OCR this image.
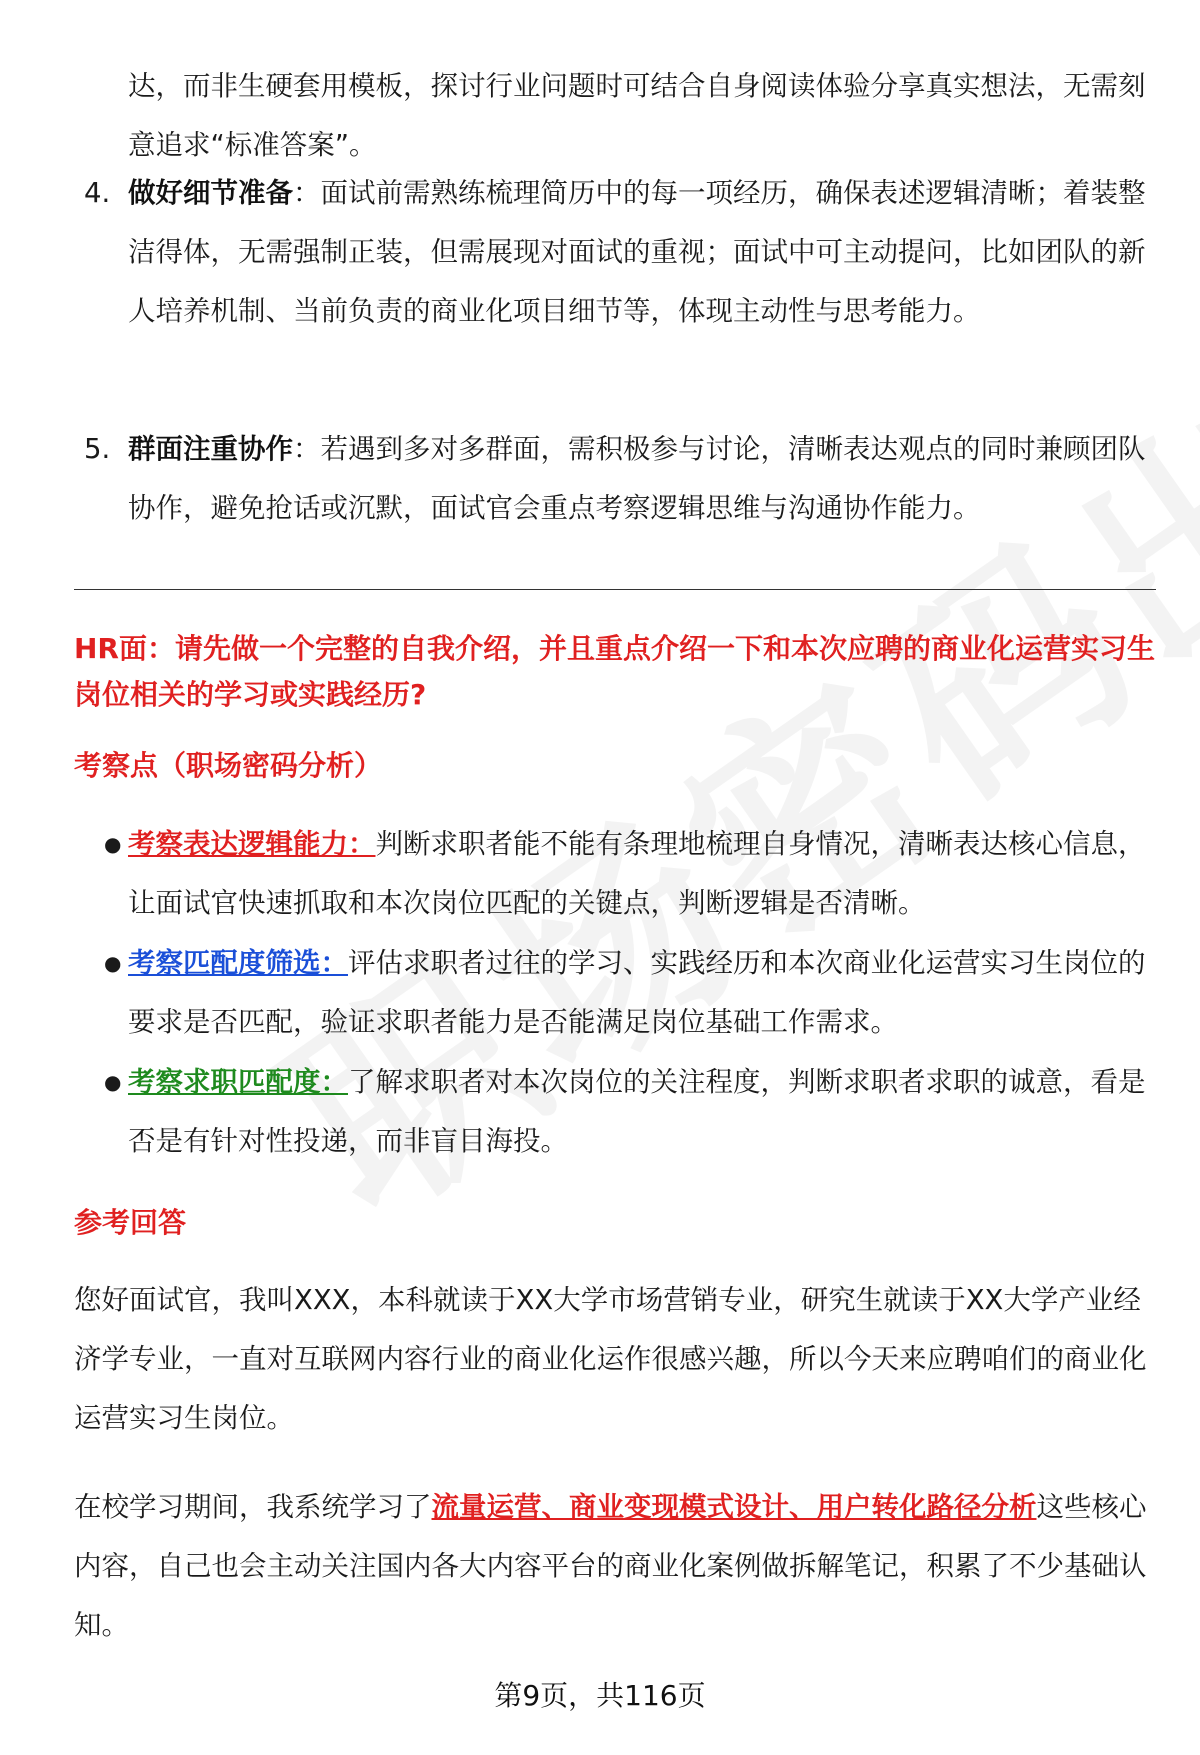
达，而非生硬套用模板，探讨行业问题时可结合自身阅读体验分享真实想法，无需刻意追求“标准答案”。
4. 做好细节准备：面试前需熟练梳理简历中的每一项经历，确保表述逻辑清晰；着装整洁得体，无需强制正装，但需展现对面试的重视；面试中可主动提问，比如团队的新人培养机制、当前负责的商业化项目细节等，体现主动性与思考能力。
5. 群面注重协作：若遇到多对多群面，需积极参与讨论，清晰表达观点的同时兼顾团队协作，避免抢话或沉默，面试官会重点考察逻辑思维与沟通协作能力。
HR面：请先做一个完整的自我介绍，并且重点介绍一下和本次应聘的商业化运营实习生岗位相关的学习或实践经历?
考察点（职场密码分析）
● 考察表达逻辑能力：判断求职者能不能有条理地梳理自身情况，清晰表达核心信息，让面试官快速抓取和本次岗位匹配的关键点，判断逻辑是否清晰。
● 考察匹配度筛选：评估求职者过往的学习、实践经历和本次商业化运营实习生岗位的要求是否匹配，验证求职者能力是否能满足岗位基础工作需求。
● 考察求职匹配度：了解求职者对本次岗位的关注程度，判断求职者求职的诚意，看是否是有针对性投递，而非盲目海投。
参考回答
您好面试官，我叫XXX，本科就读于XX大学市场营销专业，研究生就读于XX大学产业经济学专业，一直对互联网内容行业的商业化运作很感兴趣，所以今天来应聘咱们的商业化运营实习生岗位。
在校学习期间，我系统学习了流量运营、商业变现模式设计、用户转化路径分析这些核心内容，自己也会主动关注国内各大内容平台的商业化案例做拆解笔记，积累了不少基础认知。
第9页，共116页
